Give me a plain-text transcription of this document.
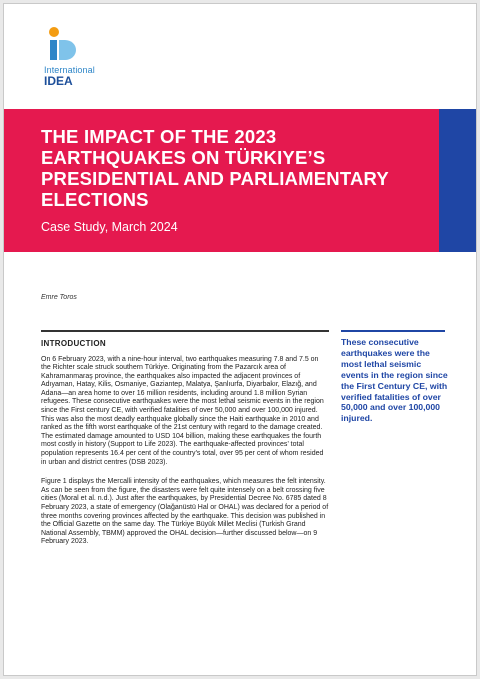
International
IDEA
THE IMPACT OF THE 2023 EARTHQUAKES ON TÜRKIYE’S PRESIDENTIAL AND PARLIAMENTARY ELECTIONS
Case Study, March 2024
Emre Toros
INTRODUCTION

On 6 February 2023, with a nine-hour interval, two earthquakes measuring 7.8 and 7.5 on the Richter scale struck southern Türkiye. Originating from the Pazarcık area of Kahramanmaraş province, the earthquakes also impacted the adjacent provinces of Adıyaman, Hatay, Kilis, Osmaniye, Gaziantep, Malatya, Şanlıurfa, Diyarbakır, Elazığ, and Adana—an area home to over 16 million residents, including around 1.8 million Syrian refugees. These consecutive earthquakes were the most lethal seismic events in the region since the First century CE, with verified fatalities of over 50,000 and over 100,000 injured. This was also the most deadly earthquake globally since the Haiti earthquake in 2010 and ranked as the fifth worst earthquake of the 21st century with regard to the damage created. The estimated damage amounted to USD 104 billion, making these earthquakes the fourth most costly in history (Support to Life 2023). The earthquake-affected provinces’ total population represents 16.4 per cent of the country’s total, over 95 per cent of whom resided in urban and district centres (DSB 2023).

Figure 1 displays the Mercalli intensity of the earthquakes, which measures the felt intensity. As can be seen from the figure, the disasters were felt quite intensely on a belt crossing five cities (Moral et al. n.d.). Just after the earthquakes, by Presidential Decree No. 6785 dated 8 February 2023, a state of emergency (Olağanüstü Hal or OHAL) was declared for a period of three months covering provinces affected by the earthquake. This decision was published in the Official Gazette on the same day. The Türkiye Büyük Millet Meclisi (Turkish Grand National Assembly, TBMM) approved the OHAL decision—further discussed below—on 9 February 2023.

These consecutive earthquakes were the most lethal seismic events in the region since the First Century CE, with verified fatalities of over 50,000 and over 100,000 injured.
